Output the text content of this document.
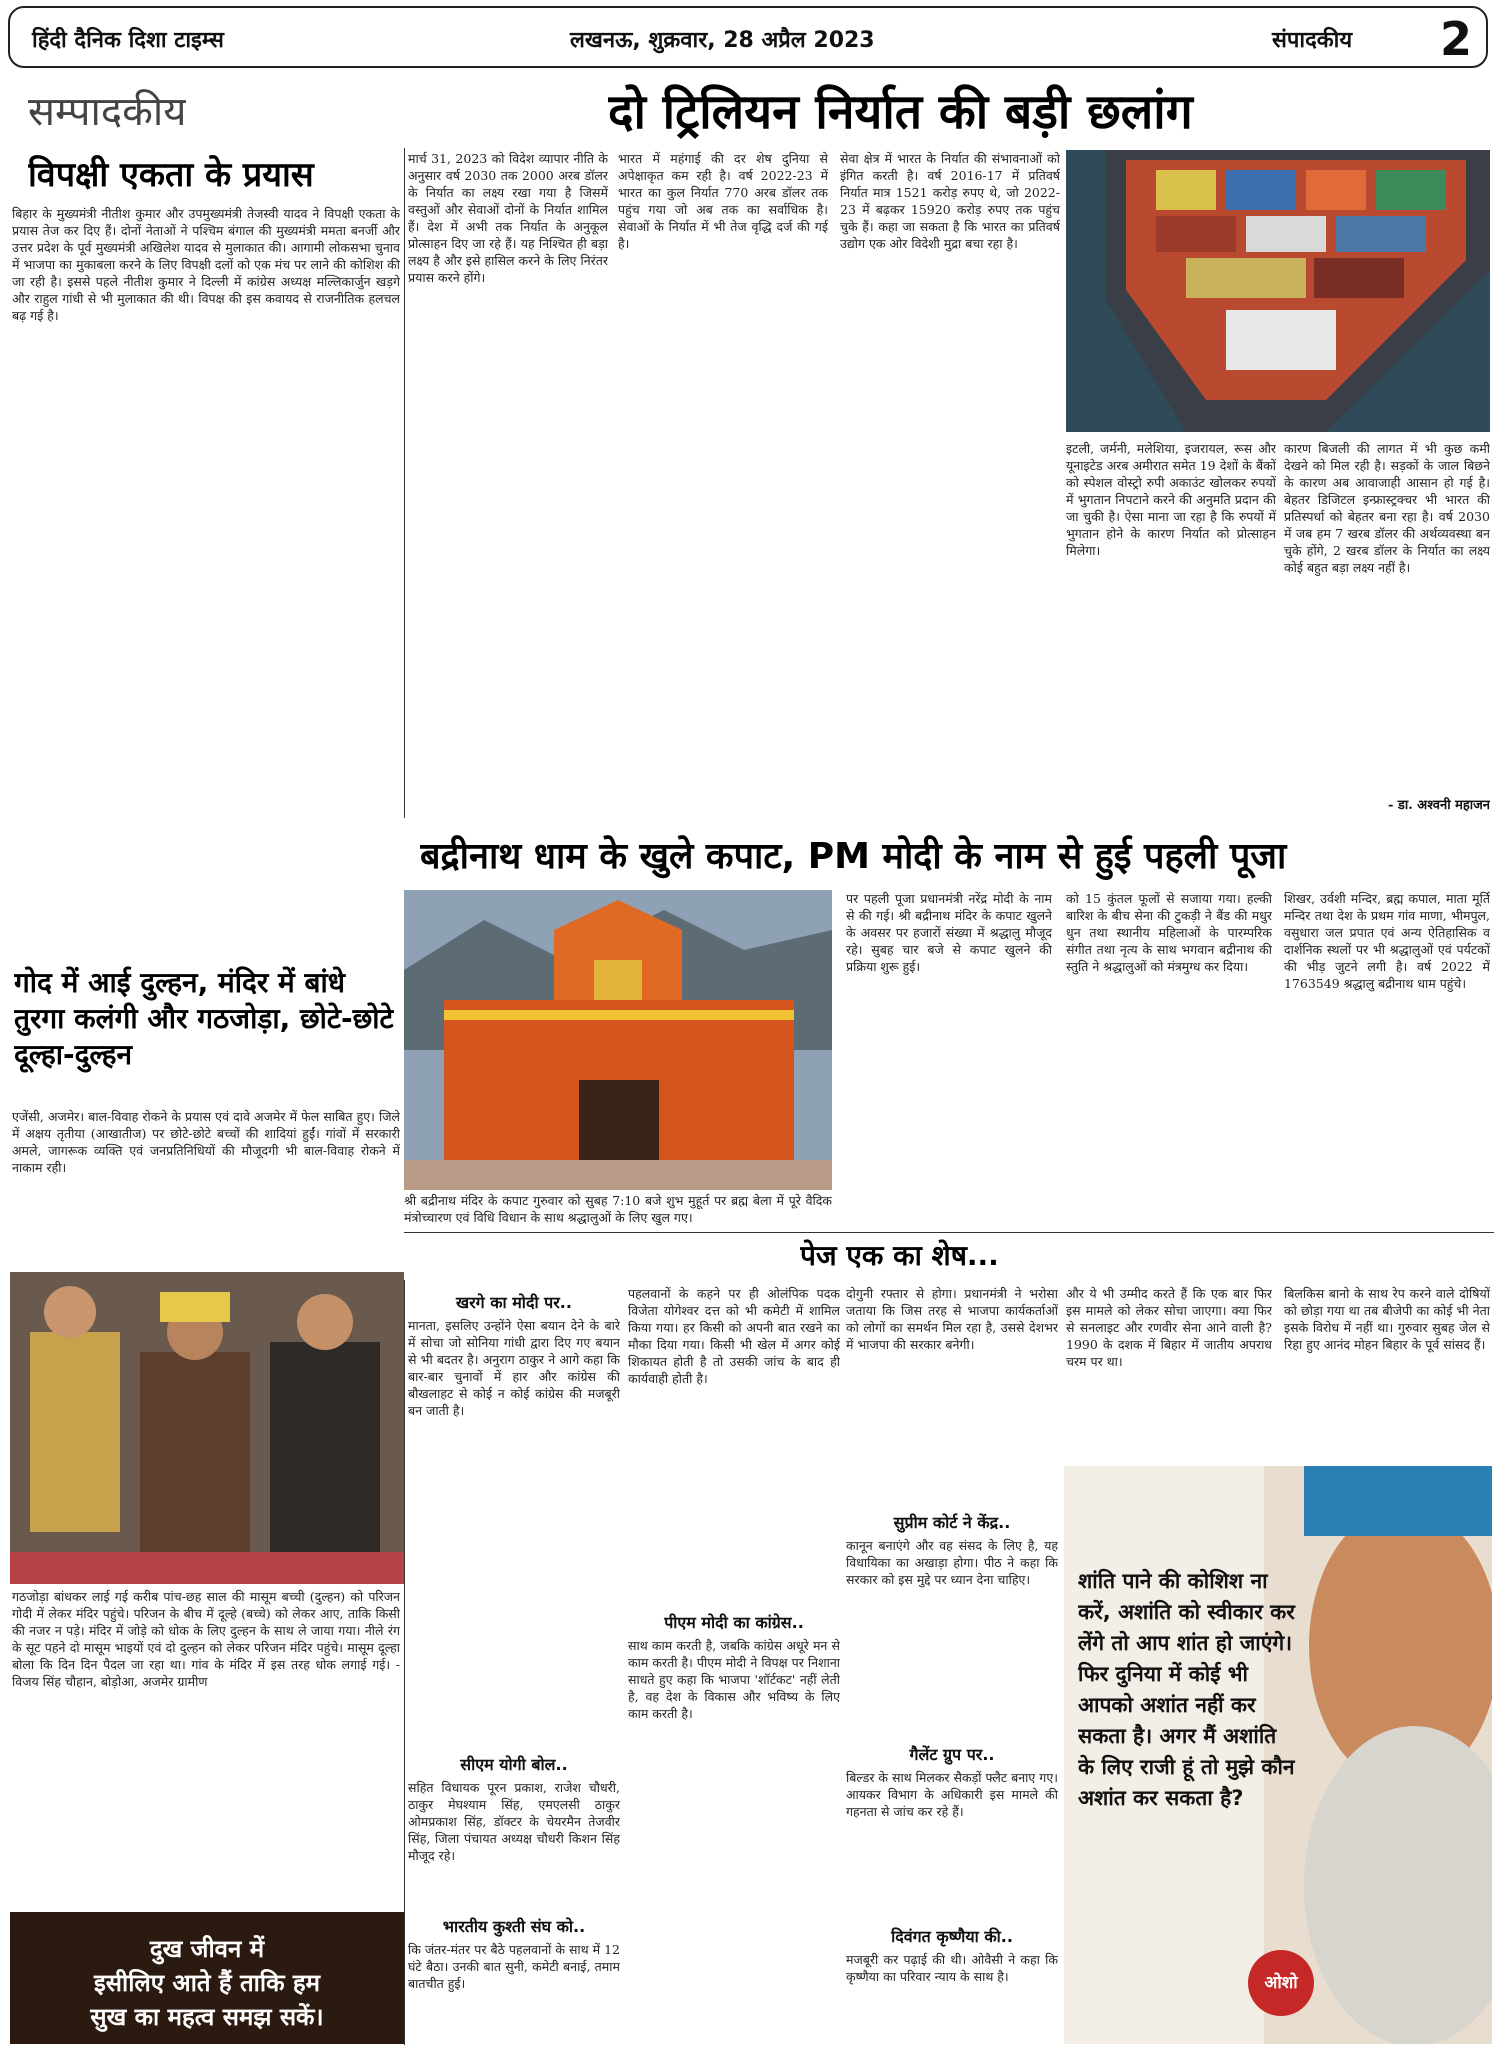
हिंदी दैनिक दिशा टाइम्स	लखनऊ, शुक्रवार, 28 अप्रैल 2023	संपादकीय 2
सम्पादकीय	दो ट्रिलियन निर्यात की बड़ी छलांग
विपक्षी एकता के प्रयास
बिहार के मुख्यमंत्री नीतीश कुमार और उपमुख्यमंत्री तेजस्वी यादव ने विपक्षी एकता के प्रयास तेज कर दिए हैं। दोनों नेताओं ने पश्चिम बंगाल की मुख्यमंत्री ममता बनर्जी और उत्तर प्रदेश के पूर्व मुख्यमंत्री अखिलेश यादव से मुलाकात की। आगामी लोकसभा चुनाव में भाजपा का मुकाबला करने के लिए विपक्षी दलों को एक मंच पर लाने की कोशिश की जा रही है। इससे पहले नीतीश कुमार ने दिल्ली में कांग्रेस अध्यक्ष मल्लिकार्जुन खड़गे और राहुल गांधी से भी मुलाकात की थी। विपक्ष की इस कवायद से राजनीतिक हलचल बढ़ गई है।
मार्च 31, 2023 को विदेश व्यापार नीति के अनुसार वर्ष 2030 तक 2000 अरब डॉलर के निर्यात का लक्ष्य रखा गया है जिसमें वस्तुओं और सेवाओं दोनों के निर्यात शामिल हैं। देश में अभी तक निर्यात के अनुकूल प्रोत्साहन दिए जा रहे हैं। यह निश्चित ही बड़ा लक्ष्य है और इसे हासिल करने के लिए निरंतर प्रयास करने होंगे।
भारत में महंगाई की दर शेष दुनिया से अपेक्षाकृत कम रही है। वर्ष 2022-23 में भारत का कुल निर्यात 770 अरब डॉलर तक पहुंच गया जो अब तक का सर्वाधिक है। सेवाओं के निर्यात में भी तेज वृद्धि दर्ज की गई है।
सेवा क्षेत्र में भारत के निर्यात की संभावनाओं को इंगित करती है। वर्ष 2016-17 में प्रतिवर्ष निर्यात मात्र 1521 करोड़ रुपए थे, जो 2022-23 में बढ़कर 15920 करोड़ रुपए तक पहुंच चुके हैं। कहा जा सकता है कि भारत का प्रतिवर्ष उद्योग एक ओर विदेशी मुद्रा बचा रहा है।
इटली, जर्मनी, मलेशिया, इजरायल, रूस और यूनाइटेड अरब अमीरात समेत 19 देशों के बैंकों को स्पेशल वोस्ट्रो रुपी अकाउंट खोलकर रुपयों में भुगतान निपटाने करने की अनुमति प्रदान की जा चुकी है। ऐसा माना जा रहा है कि रुपयों में भुगतान होने के कारण निर्यात को प्रोत्साहन मिलेगा।
कारण बिजली की लागत में भी कुछ कमी देखने को मिल रही है। सड़कों के जाल बिछने के कारण अब आवाजाही आसान हो गई है। बेहतर डिजिटल इन्फ्रास्ट्रक्चर भी भारत की प्रतिस्पर्धा को बेहतर बना रहा है। वर्ष 2030 में जब हम 7 खरब डॉलर की अर्थव्यवस्था बन चुके होंगे, 2 खरब डॉलर के निर्यात का लक्ष्य कोई बहुत बड़ा लक्ष्य नहीं है।
- डा. अश्वनी महाजन
बद्रीनाथ धाम के खुले कपाट, PM मोदी के नाम से हुई पहली पूजा
श्री बद्रीनाथ मंदिर के कपाट गुरुवार को सुबह 7:10 बजे शुभ मुहूर्त पर ब्रह्म बेला में पूरे वैदिक मंत्रोच्चारण एवं विधि विधान के साथ श्रद्धालुओं के लिए खुल गए।
पर पहली पूजा प्रधानमंत्री नरेंद्र मोदी के नाम से की गई। श्री बद्रीनाथ मंदिर के कपाट खुलने के अवसर पर हजारों संख्या में श्रद्धालु मौजूद रहे। सुबह चार बजे से कपाट खुलने की प्रक्रिया शुरू हुई।
को 15 कुंतल फूलों से सजाया गया। हल्की बारिश के बीच सेना की टुकड़ी ने बैंड की मधुर धुन तथा स्थानीय महिलाओं के पारम्परिक संगीत तथा नृत्य के साथ भगवान बद्रीनाथ की स्तुति ने श्रद्धालुओं को मंत्रमुग्ध कर दिया।
शिखर, उर्वशी मन्दिर, ब्रह्म कपाल, माता मूर्ति मन्दिर तथा देश के प्रथम गांव माणा, भीमपुल, वसुधारा जल प्रपात एवं अन्य ऐतिहासिक व दार्शनिक स्थलों पर भी श्रद्धालुओं एवं पर्यटकों की भीड़ जुटने लगी है। वर्ष 2022 में 1763549 श्रद्धालु बद्रीनाथ धाम पहुंचे।
गोद में आई दुल्हन, मंदिर में बांधे तुरगा कलंगी और गठजोड़ा, छोटे-छोटे दूल्हा-दुल्हन
एजेंसी, अजमेर। बाल-विवाह रोकने के प्रयास एवं दावे अजमेर में फेल साबित हुए। जिले में अक्षय तृतीया (आखातीज) पर छोटे-छोटे बच्चों की शादियां हुईं। गांवों में सरकारी अमले, जागरूक व्यक्ति एवं जनप्रतिनिधियों की मौजूदगी भी बाल-विवाह रोकने में नाकाम रही।
गठजोड़ा बांधकर लाई गई करीब पांच-छह साल की मासूम बच्ची (दुल्हन) को परिजन गोदी में लेकर मंदिर पहुंचे। परिजन के बीच में दूल्हे (बच्चे) को लेकर आए, ताकि किसी की नजर न पड़े। मंदिर में जोड़े को धोक के लिए दुल्हन के साथ ले जाया गया। नीले रंग के सूट पहने दो मासूम भाइयों एवं दो दुल्हन को लेकर परिजन मंदिर पहुंचे। मासूम दूल्हा बोला कि दिन दिन पैदल जा रहा था। गांव के मंदिर में इस तरह धोक लगाई गई। - विजय सिंह चौहान, बोड़ोआ, अजमेर ग्रामीण
दुख जीवन में
इसीलिए आते हैं ताकि हम
सुख का महत्व समझ सकें।
पेज एक का शेष...
खरगे का मोदी पर..
मानता, इसलिए उन्होंने ऐसा बयान देने के बारे में सोचा जो सोनिया गांधी द्वारा दिए गए बयान से भी बदतर है। अनुराग ठाकुर ने आगे कहा कि बार-बार चुनावों में हार और कांग्रेस की बौखलाहट से कोई न कोई कांग्रेस की मजबूरी बन जाती है।
सीएम योगी बोल..
सहित विधायक पूरन प्रकाश, राजेश चौधरी, ठाकुर मेघश्याम सिंह, एमएलसी ठाकुर ओमप्रकाश सिंह, डॉक्टर के चेयरमैन तेजवीर सिंह, जिला पंचायत अध्यक्ष चौधरी किशन सिंह मौजूद रहे।
भारतीय कुश्ती संघ को..
कि जंतर-मंतर पर बैठे पहलवानों के साथ में 12 घंटे बैठा। उनकी बात सुनी, कमेटी बनाई, तमाम बातचीत हुई।
पहलवानों के कहने पर ही ओलंपिक पदक विजेता योगेश्वर दत्त को भी कमेटी में शामिल किया गया। हर किसी को अपनी बात रखने का मौका दिया गया। किसी भी खेल में अगर कोई शिकायत होती है तो उसकी जांच के बाद ही कार्यवाही होती है।
पीएम मोदी का कांग्रेस..
साथ काम करती है, जबकि कांग्रेस अधूरे मन से काम करती है। पीएम मोदी ने विपक्ष पर निशाना साधते हुए कहा कि भाजपा 'शॉर्टकट' नहीं लेती है, वह देश के विकास और भविष्य के लिए काम करती है।
दोगुनी रफ्तार से होगा। प्रधानमंत्री ने भरोसा जताया कि जिस तरह से भाजपा कार्यकर्ताओं को लोगों का समर्थन मिल रहा है, उससे देशभर में भाजपा की सरकार बनेगी।
सुप्रीम कोर्ट ने केंद्र..
कानून बनाएंगे और वह संसद के लिए है, यह विधायिका का अखाड़ा होगा। पीठ ने कहा कि सरकार को इस मुद्दे पर ध्यान देना चाहिए।
गैलेंट ग्रुप पर..
बिल्डर के साथ मिलकर सैकड़ों फ्लैट बनाए गए। आयकर विभाग के अधिकारी इस मामले की गहनता से जांच कर रहे हैं।
दिवंगत कृष्णैया की..
मजबूरी कर पढ़ाई की थी। ओवैसी ने कहा कि कृष्णैया का परिवार न्याय के साथ है।
और ये भी उम्मीद करते हैं कि एक बार फिर इस मामले को लेकर सोचा जाएगा। क्या फिर से सनलाइट और रणवीर सेना आने वाली है? 1990 के दशक में बिहार में जातीय अपराध चरम पर था।
बिलकिस बानो के साथ रेप करने वाले दोषियों को छोड़ा गया था तब बीजेपी का कोई भी नेता इसके विरोध में नहीं था। गुरुवार सुबह जेल से रिहा हुए आनंद मोहन बिहार के पूर्व सांसद हैं।
शांति पाने की कोशिश ना करें, अशांति को स्वीकार कर लेंगे तो आप शांत हो जाएंगे। फिर दुनिया में कोई भी आपको अशांत नहीं कर सकता है। अगर मैं अशांति के लिए राजी हूं तो मुझे कौन अशांत कर सकता है?
ओशो
